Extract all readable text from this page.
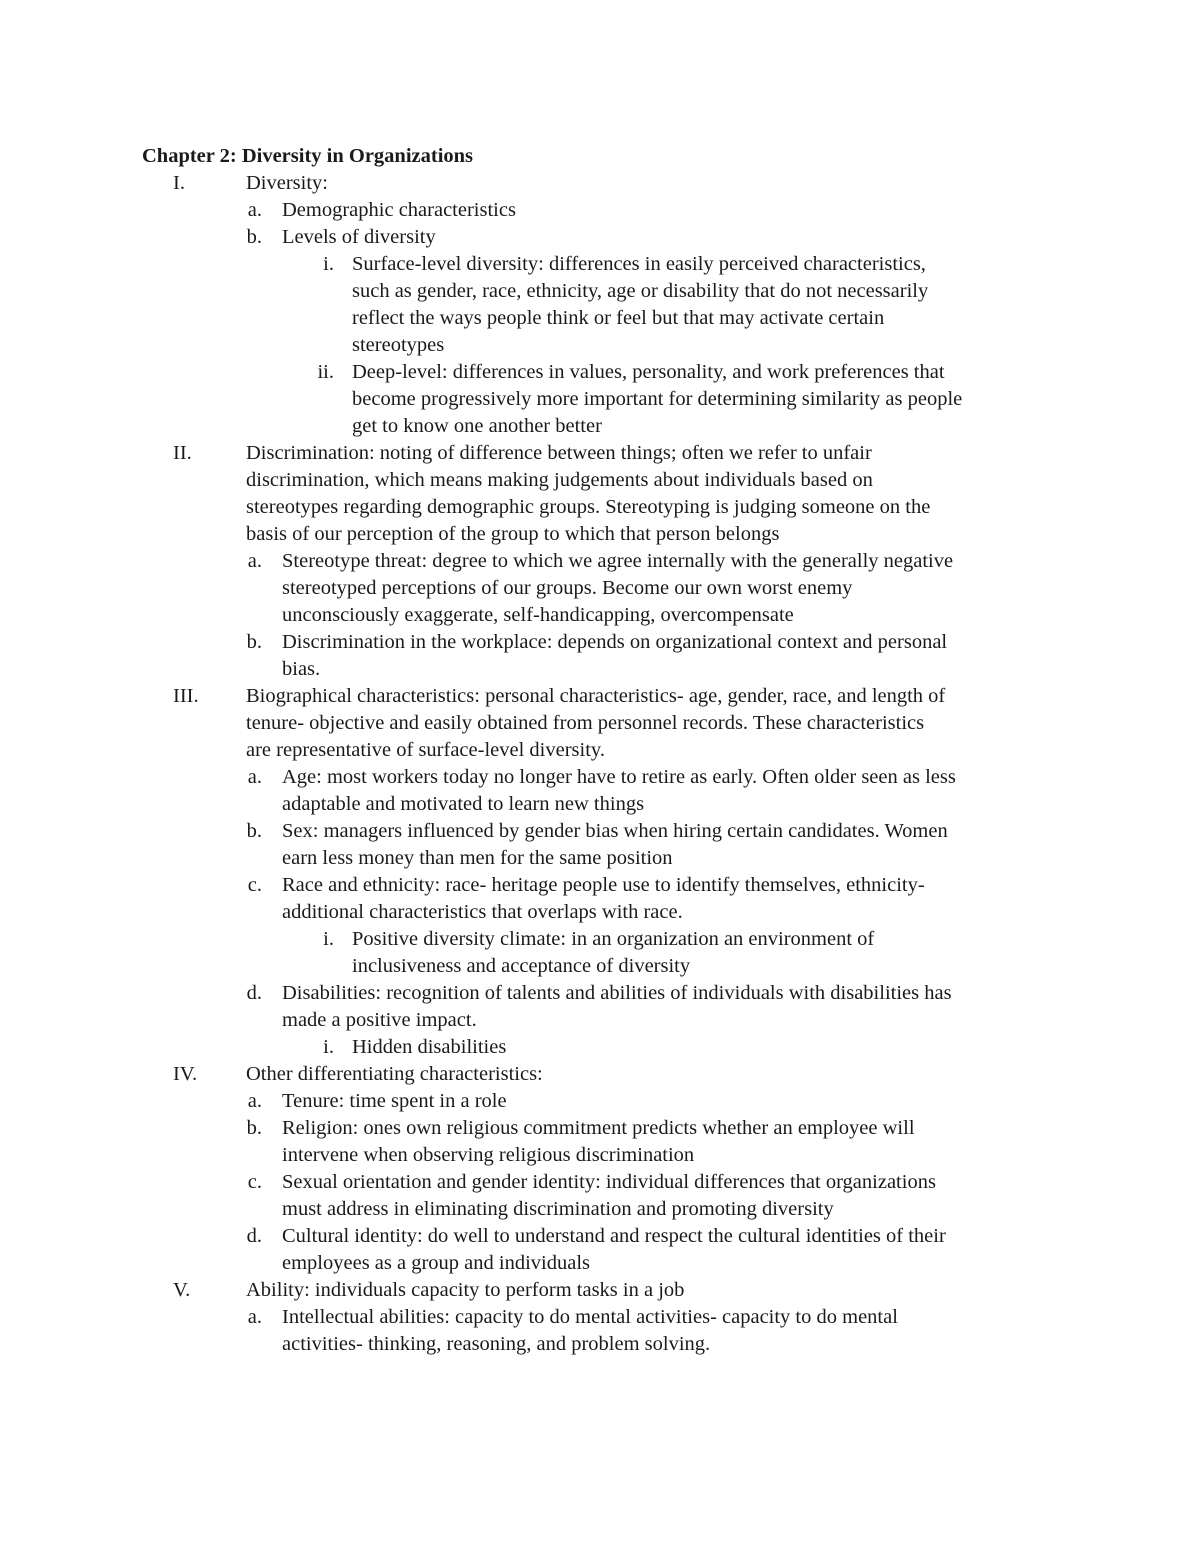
Chapter 2: Diversity in Organizations
I.	Diversity:
a. Demographic characteristics
b. Levels of diversity
i. Surface-level diversity: differences in easily perceived characteristics,
such as gender, race, ethnicity, age or disability that do not necessarily
reflect the ways people think or feel but that may activate certain
stereotypes
ii. Deep-level: differences in values, personality, and work preferences that
become progressively more important for determining similarity as people
get to know one another better
II.	Discrimination: noting of difference between things; often we refer to unfair
discrimination, which means making judgements about individuals based on
stereotypes regarding demographic groups. Stereotyping is judging someone on the
basis of our perception of the group to which that person belongs
a. Stereotype threat: degree to which we agree internally with the generally negative
stereotyped perceptions of our groups. Become our own worst enemy
unconsciously exaggerate, self-handicapping, overcompensate
b. Discrimination in the workplace: depends on organizational context and personal
bias.
III. Biographical characteristics: personal characteristics- age, gender, race, and length of
tenure- objective and easily obtained from personnel records. These characteristics
are representative of surface-level diversity.
a. Age: most workers today no longer have to retire as early. Often older seen as less
adaptable and motivated to learn new things
b. Sex: managers influenced by gender bias when hiring certain candidates. Women
earn less money than men for the same position
c. Race and ethnicity: race- heritage people use to identify themselves, ethnicity-
additional characteristics that overlaps with race.
i. Positive diversity climate: in an organization an environment of
inclusiveness and acceptance of diversity
d. Disabilities: recognition of talents and abilities of individuals with disabilities has
made a positive impact.
i. Hidden disabilities
IV. Other differentiating characteristics:
a. Tenure: time spent in a role
b. Religion: ones own religious commitment predicts whether an employee will
intervene when observing religious discrimination
c. Sexual orientation and gender identity: individual differences that organizations
must address in eliminating discrimination and promoting diversity
d. Cultural identity: do well to understand and respect the cultural identities of their
employees as a group and individuals
V.	Ability: individuals capacity to perform tasks in a job
a. Intellectual abilities: capacity to do mental activities- capacity to do mental
activities- thinking, reasoning, and problem solving.
